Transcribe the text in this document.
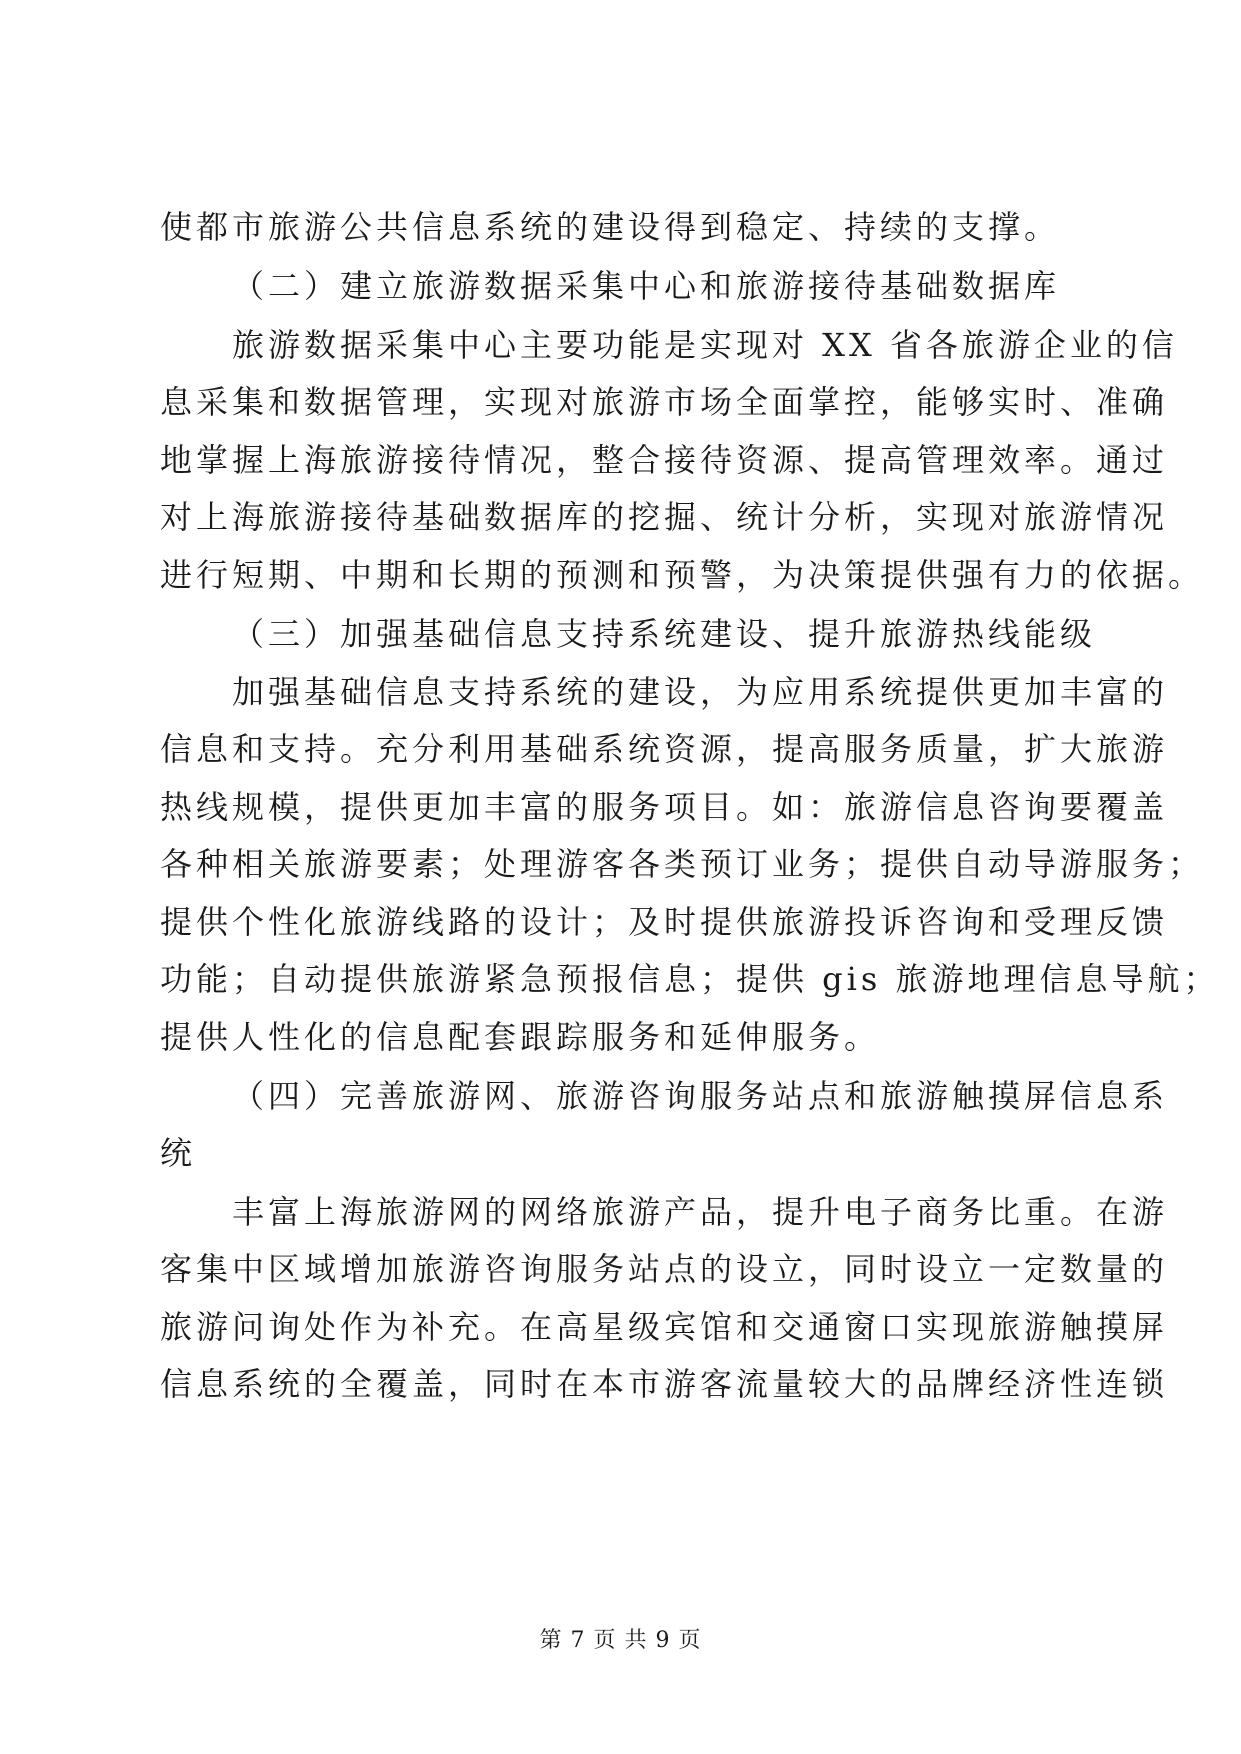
使都市旅游公共信息系统的建设得到稳定、持续的支撑。
（二）建立旅游数据采集中心和旅游接待基础数据库
旅游数据采集中心主要功能是实现对 XX 省各旅游企业的信
息采集和数据管理，实现对旅游市场全面掌控，能够实时、准确
地掌握上海旅游接待情况，整合接待资源、提高管理效率。通过
对上海旅游接待基础数据库的挖掘、统计分析，实现对旅游情况
进行短期、中期和长期的预测和预警，为决策提供强有力的依据。
（三）加强基础信息支持系统建设、提升旅游热线能级
加强基础信息支持系统的建设，为应用系统提供更加丰富的
信息和支持。充分利用基础系统资源，提高服务质量，扩大旅游
热线规模，提供更加丰富的服务项目。如：旅游信息咨询要覆盖
各种相关旅游要素；处理游客各类预订业务；提供自动导游服务；
提供个性化旅游线路的设计；及时提供旅游投诉咨询和受理反馈
功能；自动提供旅游紧急预报信息；提供 gis 旅游地理信息导航；
提供人性化的信息配套跟踪服务和延伸服务。
（四）完善旅游网、旅游咨询服务站点和旅游触摸屏信息系
统
丰富上海旅游网的网络旅游产品，提升电子商务比重。在游
客集中区域增加旅游咨询服务站点的设立，同时设立一定数量的
旅游问询处作为补充。在高星级宾馆和交通窗口实现旅游触摸屏
信息系统的全覆盖，同时在本市游客流量较大的品牌经济性连锁
第 7 页 共 9 页
